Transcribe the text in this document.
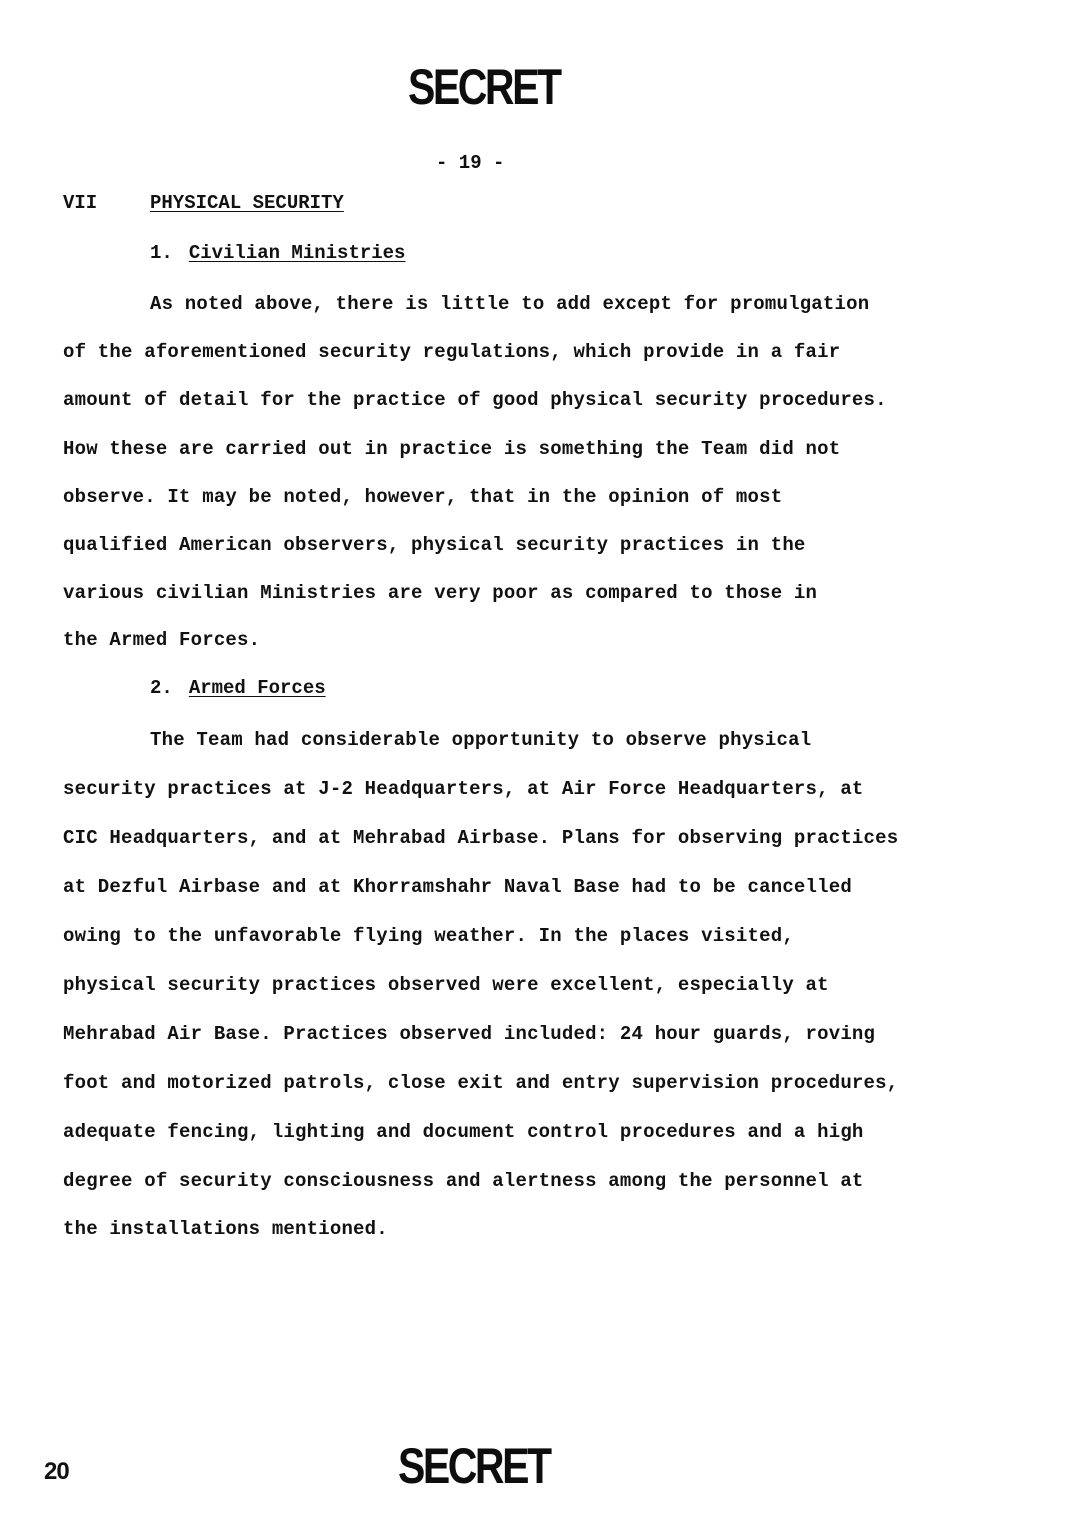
SECRET
- 19 -
VII	PHYSICAL SECURITY
1. Civilian Ministries
As noted above, there is little to add except for promulgation
of the aforementioned security regulations, which provide in a fair
amount of detail for the practice of good physical security procedures.
How these are carried out in practice is something the Team did not
observe. It may be noted, however, that in the opinion of most
qualified American observers, physical security practices in the
various civilian Ministries are very poor as compared to those in
the Armed Forces.
2. Armed Forces
The Team had considerable opportunity to observe physical
security practices at J-2 Headquarters, at Air Force Headquarters, at
CIC Headquarters, and at Mehrabad Airbase. Plans for observing practices
at Dezful Airbase and at Khorramshahr Naval Base had to be cancelled
owing to the unfavorable flying weather. In the places visited,
physical security practices observed were excellent, especially at
Mehrabad Air Base. Practices observed included: 24 hour guards, roving
foot and motorized patrols, close exit and entry supervision procedures,
adequate fencing, lighting and document control procedures and a high
degree of security consciousness and alertness among the personnel at
the installations mentioned.
20	SECRET
